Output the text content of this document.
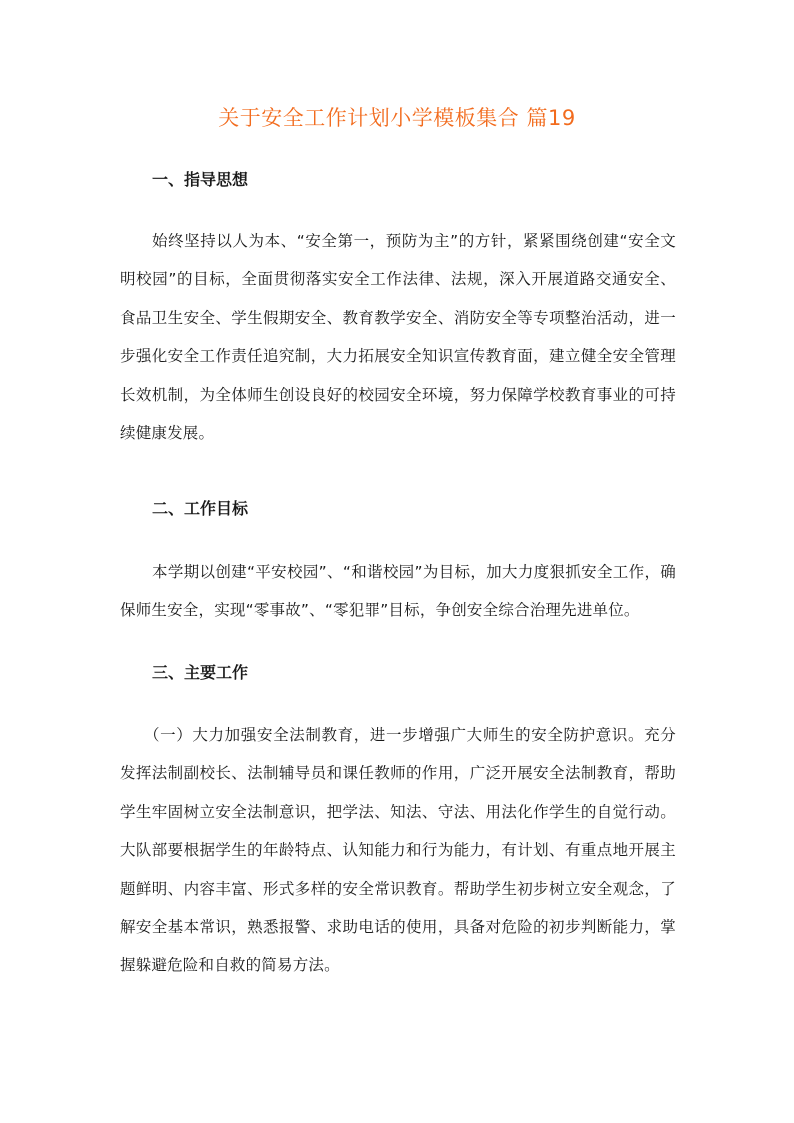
关于安全工作计划小学模板集合 篇19
一、指导思想

始终坚持以人为本、“安全第一，预防为主”的方针，紧紧围绕创建“安全文明校园”的目标，全面贯彻落实安全工作法律、法规，深入开展道路交通安全、食品卫生安全、学生假期安全、教育教学安全、消防安全等专项整治活动，进一步强化安全工作责任追究制，大力拓展安全知识宣传教育面，建立健全安全管理长效机制，为全体师生创设良好的校园安全环境，努力保障学校教育事业的可持续健康发展。

二、工作目标

本学期以创建“平安校园”、“和谐校园”为目标，加大力度狠抓安全工作，确保师生安全，实现“零事故”、“零犯罪”目标，争创安全综合治理先进单位。

三、主要工作

（一）大力加强安全法制教育，进一步增强广大师生的安全防护意识。充分发挥法制副校长、法制辅导员和课任教师的作用，广泛开展安全法制教育，帮助学生牢固树立安全法制意识，把学法、知法、守法、用法化作学生的自觉行动。大队部要根据学生的年龄特点、认知能力和行为能力，有计划、有重点地开展主题鲜明、内容丰富、形式多样的安全常识教育。帮助学生初步树立安全观念，了解安全基本常识，熟悉报警、求助电话的使用，具备对危险的初步判断能力，掌握躲避危险和自救的简易方法。
